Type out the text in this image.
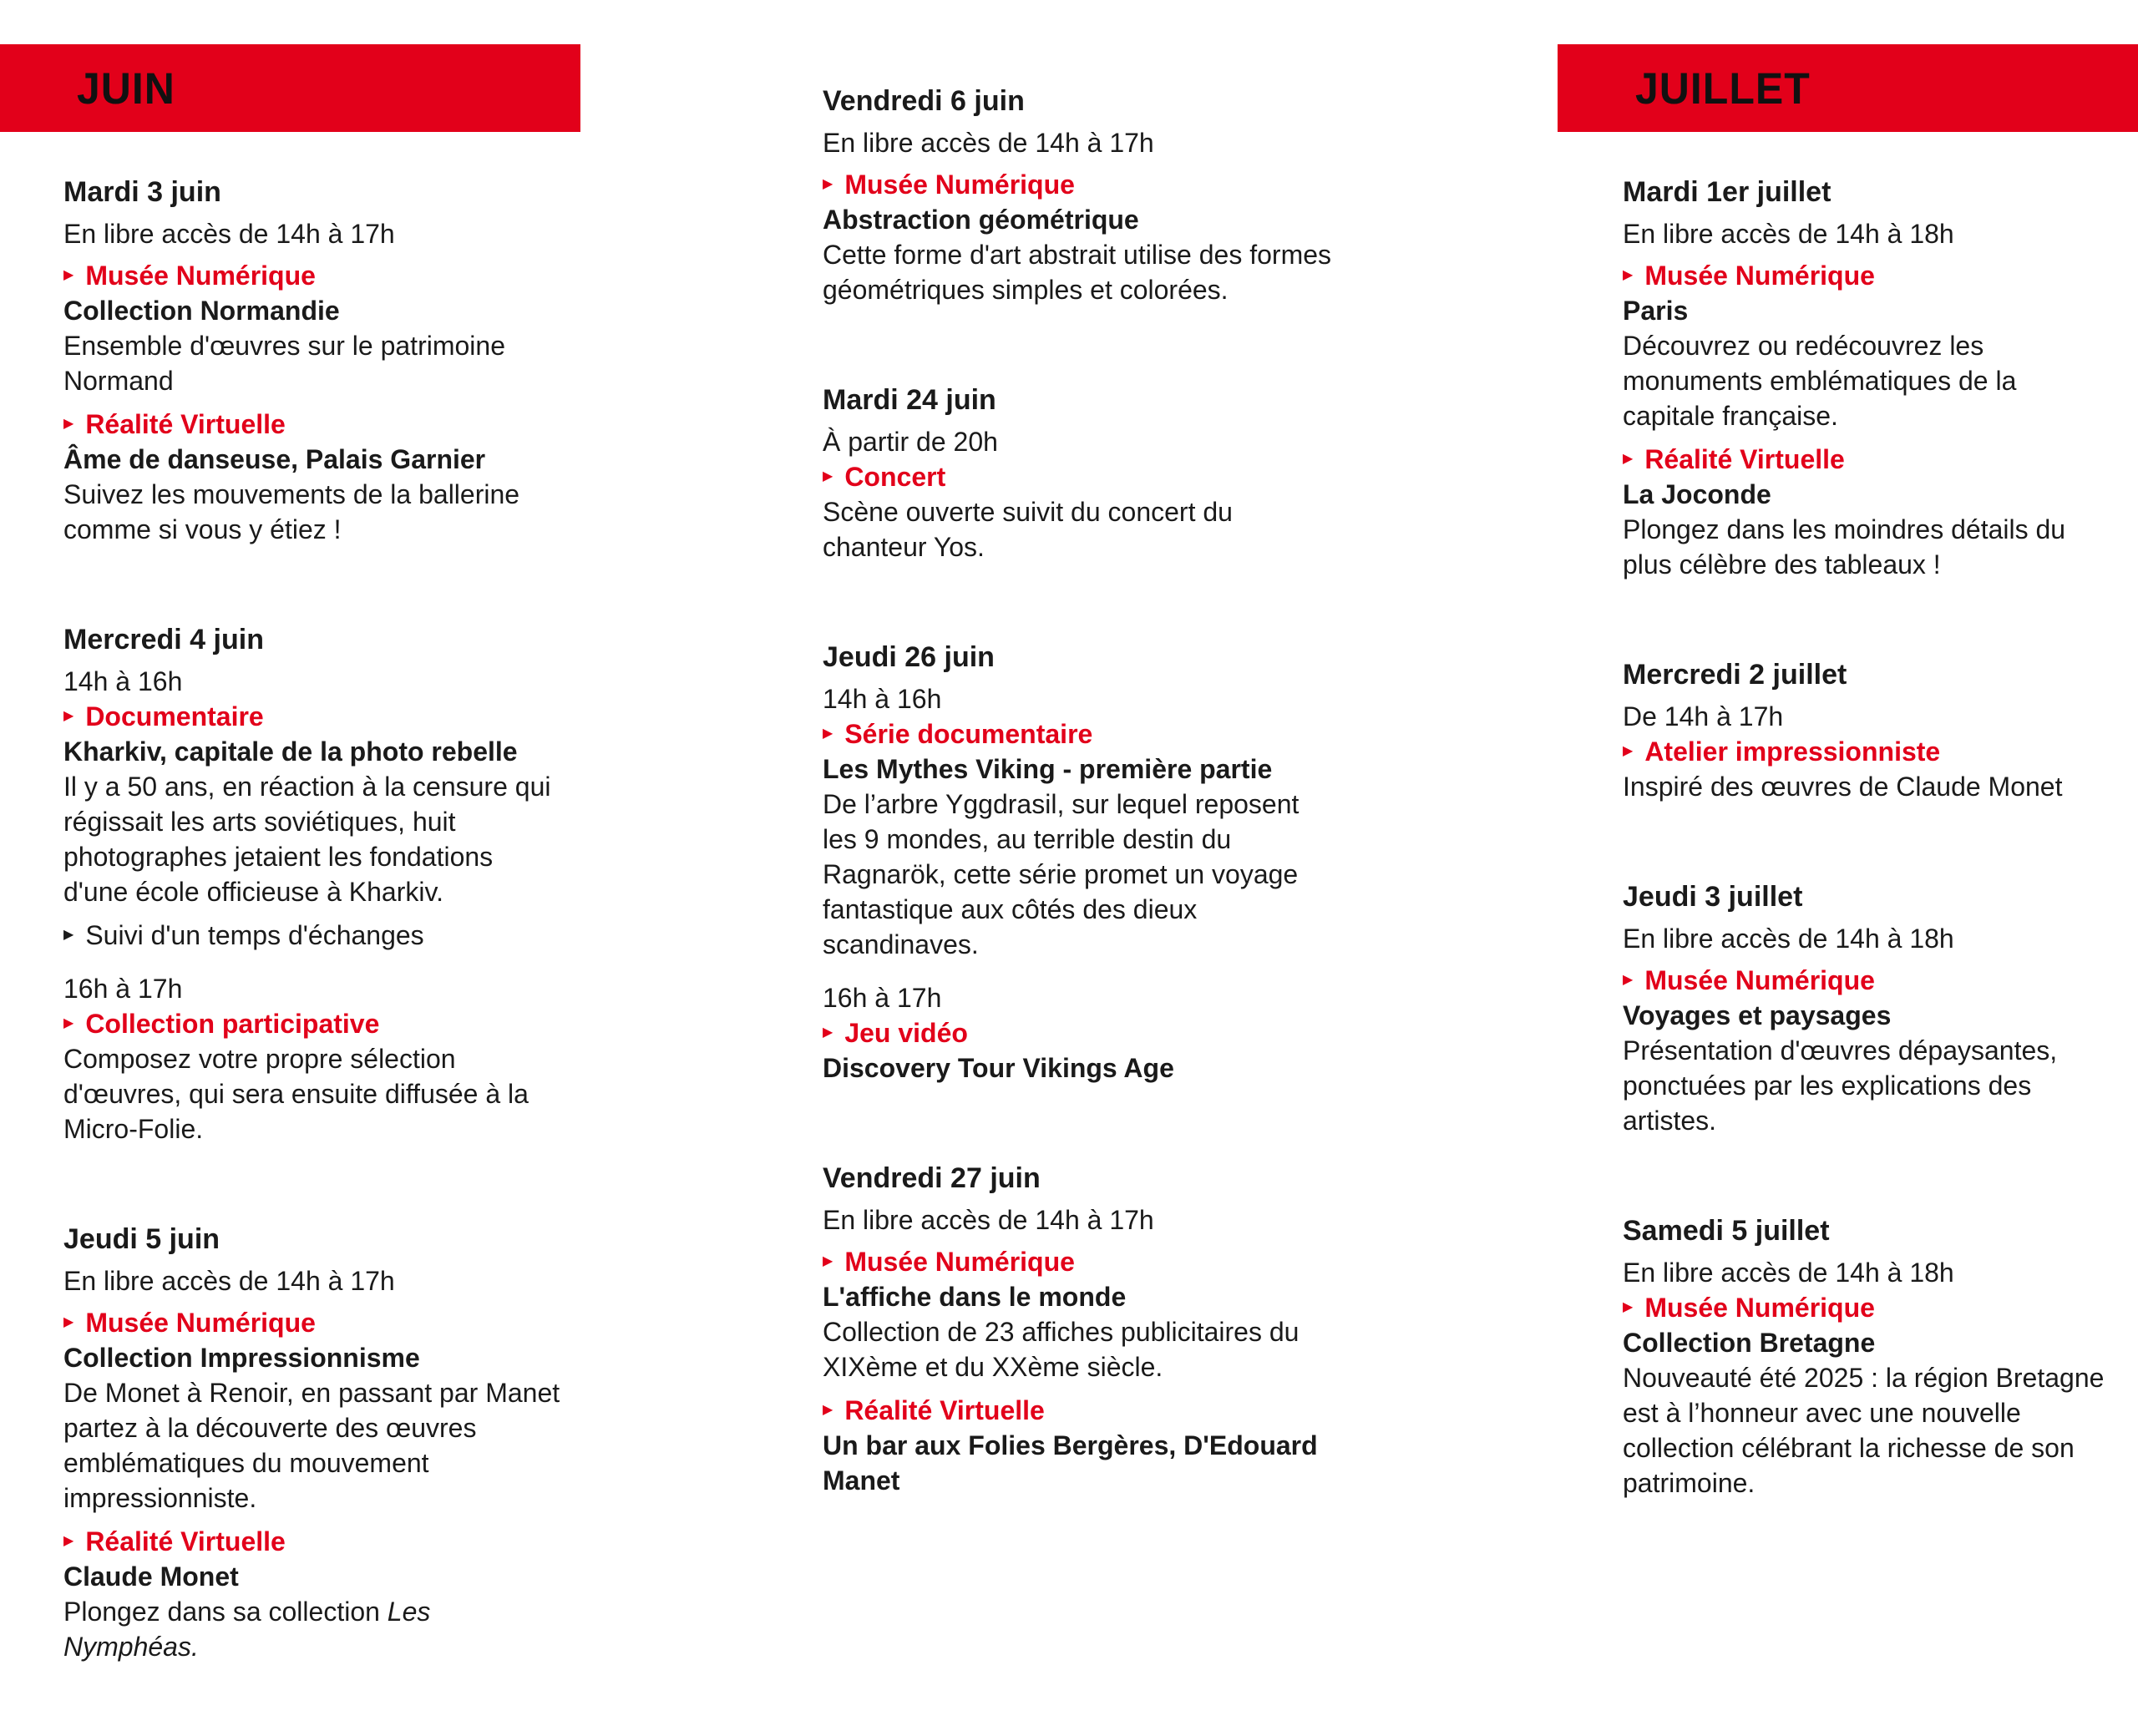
JUIN	JUILLET
Mardi 3 juin
En libre accès de 14h à 17h
▶ Musée Numérique
Collection Normandie
Ensemble d'œuvres sur le patrimoine Normand
▶ Réalité Virtuelle
Âme de danseuse, Palais Garnier
Suivez les mouvements de la ballerine comme si vous y étiez !
Mercredi 4 juin
14h à 16h
▶ Documentaire
Kharkiv, capitale de la photo rebelle
Il y a 50 ans, en réaction à la censure qui régissait les arts soviétiques, huit photographes jetaient les fondations d'une école officieuse à Kharkiv.
▶ Suivi d'un temps d'échanges
16h à 17h
▶ Collection participative
Composez votre propre sélection d'œuvres, qui sera ensuite diffusée à la Micro-Folie.
Jeudi 5 juin
En libre accès de 14h à 17h
▶ Musée Numérique
Collection Impressionnisme
De Monet à Renoir, en passant par Manet partez à la découverte des œuvres emblématiques du mouvement impressionniste.
▶ Réalité Virtuelle
Claude Monet
Plongez dans sa collection Les Nymphéas.
Vendredi 6 juin
En libre accès de 14h à 17h
▶ Musée Numérique
Abstraction géométrique
Cette forme d'art abstrait utilise des formes géométriques simples et colorées.
Mardi 24 juin
À partir de 20h
▶ Concert
Scène ouverte suivit du concert du chanteur Yos.
Jeudi 26 juin
14h à 16h
▶ Série documentaire
Les Mythes Viking - première partie
De l’arbre Yggdrasil, sur lequel reposent les 9 mondes, au terrible destin du Ragnarök, cette série promet un voyage fantastique aux côtés des dieux scandinaves.
16h à 17h
▶ Jeu vidéo
Discovery Tour Vikings Age
Vendredi 27 juin
En libre accès de 14h à 17h
▶ Musée Numérique
L'affiche dans le monde
Collection de 23 affiches publicitaires du XIXème et du XXème siècle.
▶ Réalité Virtuelle
Un bar aux Folies Bergères, D'Edouard Manet
Mardi 1er juillet
En libre accès de 14h à 18h
▶ Musée Numérique
Paris
Découvrez ou redécouvrez les monuments emblématiques de la capitale française.
▶ Réalité Virtuelle
La Joconde
Plongez dans les moindres détails du plus célèbre des tableaux !
Mercredi 2 juillet
De 14h à 17h
▶ Atelier impressionniste
Inspiré des œuvres de Claude Monet
Jeudi 3 juillet
En libre accès de 14h à 18h
▶ Musée Numérique
Voyages et paysages
Présentation d'œuvres dépaysantes, ponctuées par les explications des artistes.
Samedi 5 juillet
En libre accès de 14h à 18h
▶ Musée Numérique
Collection Bretagne
Nouveauté été 2025 : la région Bretagne est à l’honneur avec une nouvelle collection célébrant la richesse de son patrimoine.
